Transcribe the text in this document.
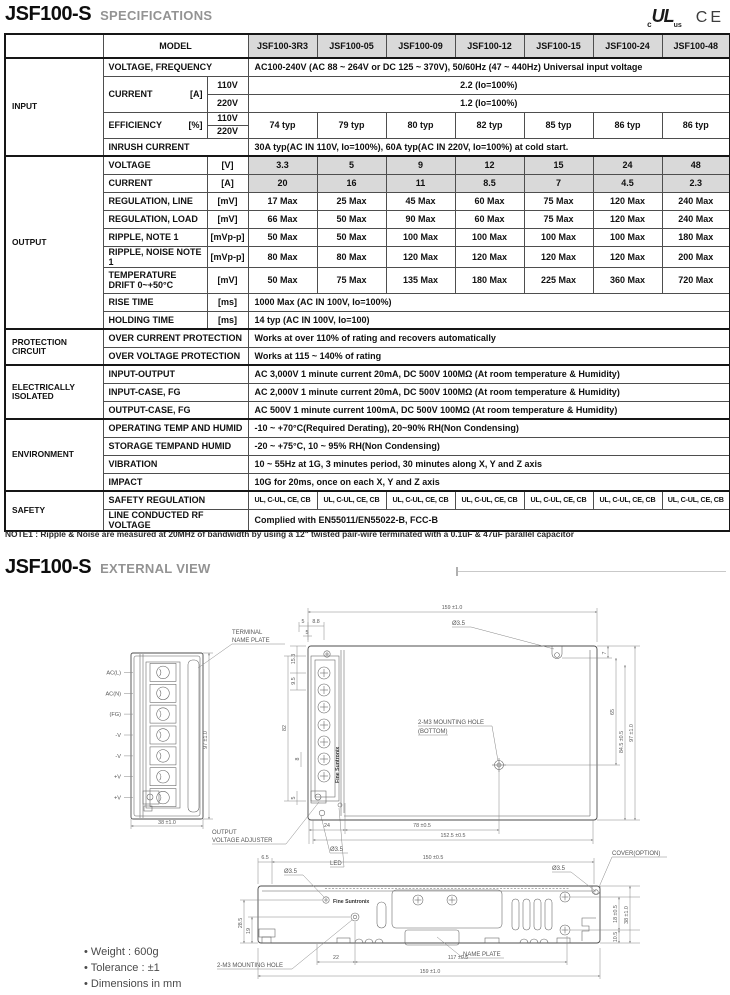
JSF100-S SPECIFICATIONS
$_cUL_{us}$ CE
	MODEL		JSF100-3R3	JSF100-05	JSF100-09	JSF100-12	JSF100-15	JSF100-24	JSF100-48
INPUT	VOLTAGE, FREQUENCY		AC100-240V (AC 88 ~ 264V or DC 125 ~ 370V), 50/60Hz (47 ~ 440Hz) Universal input voltage						
	CURRENT [A]	110V	2.2 (Io=100%)						
		220V	1.2 (Io=100%)						
	EFFICIENCY [%]	110V	74 typ	79 typ	80 typ	82 typ	85 typ	86 typ	86 typ
		220V							
	INRUSH CURRENT		30A typ(AC IN 110V, Io=100%), 60A typ(AC IN 220V, Io=100%) at cold start.						
OUTPUT	VOLTAGE	[V]	3.3	5	9	12	15	24	48
	CURRENT	[A]	20	16	11	8.5	7	4.5	2.3
	REGULATION, LINE	[mV]	17 Max	25 Max	45 Max	60 Max	75 Max	120 Max	240 Max
	REGULATION, LOAD	[mV]	66 Max	50 Max	90 Max	60 Max	75 Max	120 Max	240 Max
	RIPPLE, NOTE 1	[mVp-p]	50 Max	50 Max	100 Max	100 Max	100 Max	100 Max	180 Max
	RIPPLE, NOISE NOTE 1	[mVp-p]	80 Max	80 Max	120 Max	120 Max	120 Max	120 Max	200 Max
	TEMPERATURE DRIFT 0~+50°C	[mV]	50 Max	75 Max	135 Max	180 Max	225 Max	360 Max	720 Max
	RISE TIME	[ms]	1000 Max (AC IN 100V, Io=100%)						
	HOLDING TIME	[ms]	14 typ (AC IN 100V, Io=100)						
PROTECTION CIRCUIT	OVER CURRENT PROTECTION		Works at over 110% of rating and recovers automatically						
	OVER VOLTAGE PROTECTION		Works at 115 ~ 140% of rating						
ELECTRICALLY ISOLATED	INPUT-OUTPUT		AC 3,000V 1 minute current 20mA, DC 500V 100MΩ (At room temperature & Humidity)						
	INPUT-CASE, FG		AC 2,000V 1 minute current 20mA, DC 500V 100MΩ (At room temperature & Humidity)						
	OUTPUT-CASE, FG		AC 500V 1 minute current 100mA, DC 500V 100MΩ (At room temperature & Humidity)						
ENVIRONMENT	OPERATING TEMP AND HUMID		-10 ~ +70°C(Required Derating), 20~90% RH(Non Condensing)						
	STORAGE TEMPAND HUMID		-20 ~ +75°C, 10 ~ 95% RH(Non Condensing)						
	VIBRATION		10 ~ 55Hz at 1G, 3 minutes period, 30 minutes along X, Y and Z axis						
	IMPACT		10G for 20ms, once on each X, Y and Z axis						
SAFETY	SAFETY REGULATION		UL, C-UL, CE, CB	UL, C-UL, CE, CB	UL, C-UL, CE, CB	UL, C-UL, CE, CB	UL, C-UL, CE, CB	UL, C-UL, CE, CB	UL, C-UL, CE, CB
	LINE CONDUCTED RF VOLTAGE		Complied with EN55011/EN55022-B, FCC-B						
NOTE1 : Ripple & Noise are measured at 20MHz of bandwidth by using a 12" twisted pair-wire terminated with a 0.1uF & 47uF parallel capacitor
JSF100-S EXTERNAL VIEW
AC(L)
AC(N)
(FG)
-V
-V
+V
+V
TERMINAL
NAME PLATE
97 ±1.0
38 ±1.0
OUTPUT
VOLTAGE ADJUSTER
Ø3.5
LED
Fine Suntronix
2-M3 MOUNTING HOLE
(BOTTOM)
Ø3.5
159 ±1.0
5 8.8
5
15.3
9.5
82
8
5
7
65
84.5 ±0.5 97 ±1.0
24	78 ±0.5
152.5 ±0.5
Fine Suntronix
Ø3.5	Ø3.5
COVER(OPTION)
2-M3 MOUNTING HOLE
NAME PLATE
6.5	150 ±0.5
28.5
19
22	117 ±0.5
159 ±1.0
18 ±0.5
10.5
38 ±1.0
• Weight : 600g
• Tolerance : ±1
• Dimensions in mm
